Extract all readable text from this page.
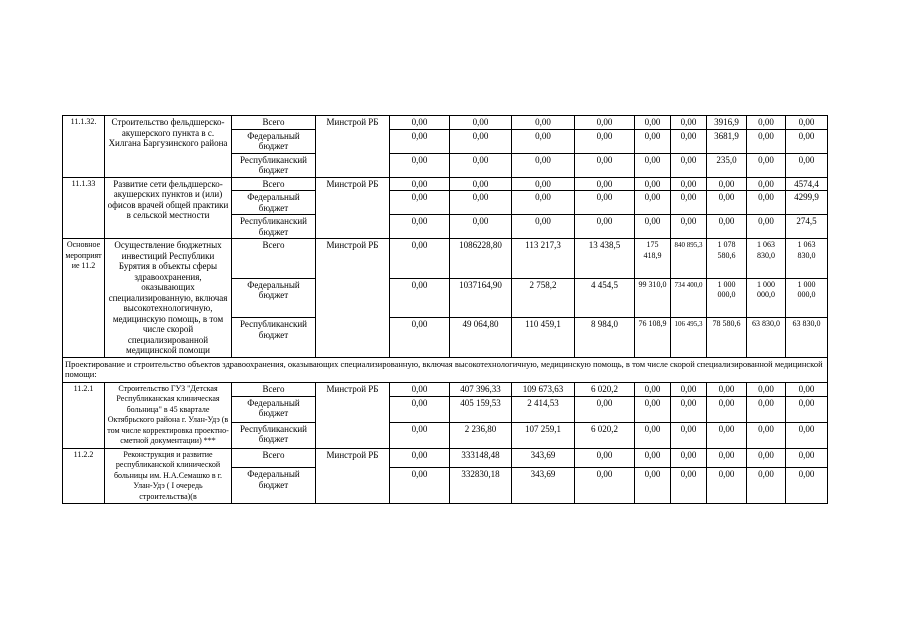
11.1.32.	Строительство фельдшерско-акушерского пункта в с. Хилгана Баргузинского района	Всего	Минстрой РБ	0,00	0,00	0,00	0,00	0,00	0,00	3916,9	0,00	0,00
		Федеральный бюджет		0,00	0,00	0,00	0,00	0,00	0,00	3681,9	0,00	0,00
		Республиканский бюджет		0,00	0,00	0,00	0,00	0,00	0,00	235,0	0,00	0,00
11.1.33	Развитие сети фельдшерско-акушерских пунктов и (или) офисов врачей общей практики в сельской местности	Всего	Минстрой РБ	0,00	0,00	0,00	0,00	0,00	0,00	0,00	0,00	4574,4
		Федеральный бюджет		0,00	0,00	0,00	0,00	0,00	0,00	0,00	0,00	4299,9
		Республиканский бюджет		0,00	0,00	0,00	0,00	0,00	0,00	0,00	0,00	274,5
Основное мероприятие 11.2	Осуществление бюджетных инвестиций Республики Бурятия в объекты сферы здравоохранения, оказывающих специализированную, включая высокотехнологичную, медицинскую помощь, в том числе скорой специализированной медицинской помощи	Всего	Минстрой РБ	0,00	1086228,80	113 217,3	13 438,5	175 418,9	840 895,3	1 078 580,6	1 063 830,0	1 063 830,0
		Федеральный бюджет		0,00	1037164,90	2 758,2	4 454,5	99 310,0	734 400,0	1 000 000,0	1 000 000,0	1 000 000,0
		Республиканский бюджет		0,00	49 064,80	110 459,1	8 984,0	76 108,9	106 495,3	78 580,6	63 830,0	63 830,0
Проектирование и строительство объектов здравоохранения, оказывающих специализированную, включая высокотехнологичную, медицинскую помощь, в том числе скорой специализированной медицинской помощи:												
11.2.1	Строительство ГУЗ "Детская Республиканская клиническая больница" в 45 квартале Октябрьского района г. Улан-Удэ (в том числе корректировка проектно-сметной документации) ***	Всего	Минстрой РБ	0,00	407 396,33	109 673,63	6 020,2	0,00	0,00	0,00	0,00	0,00
		Федеральный бюджет		0,00	405 159,53	2 414,53	0,00	0,00	0,00	0,00	0,00	0,00
		Республиканский бюджет		0,00	2 236,80	107 259,1	6 020,2	0,00	0,00	0,00	0,00	0,00
11.2.2	Реконструкция и развитие республиканской клинической больницы им. Н.А.Семашко в г. Улан-Удэ ( I очередь строительства)(в	Всего	Минстрой РБ	0,00	333148,48	343,69	0,00	0,00	0,00	0,00	0,00	0,00
		Федеральный бюджет		0,00	332830,18	343,69	0,00	0,00	0,00	0,00	0,00	0,00
